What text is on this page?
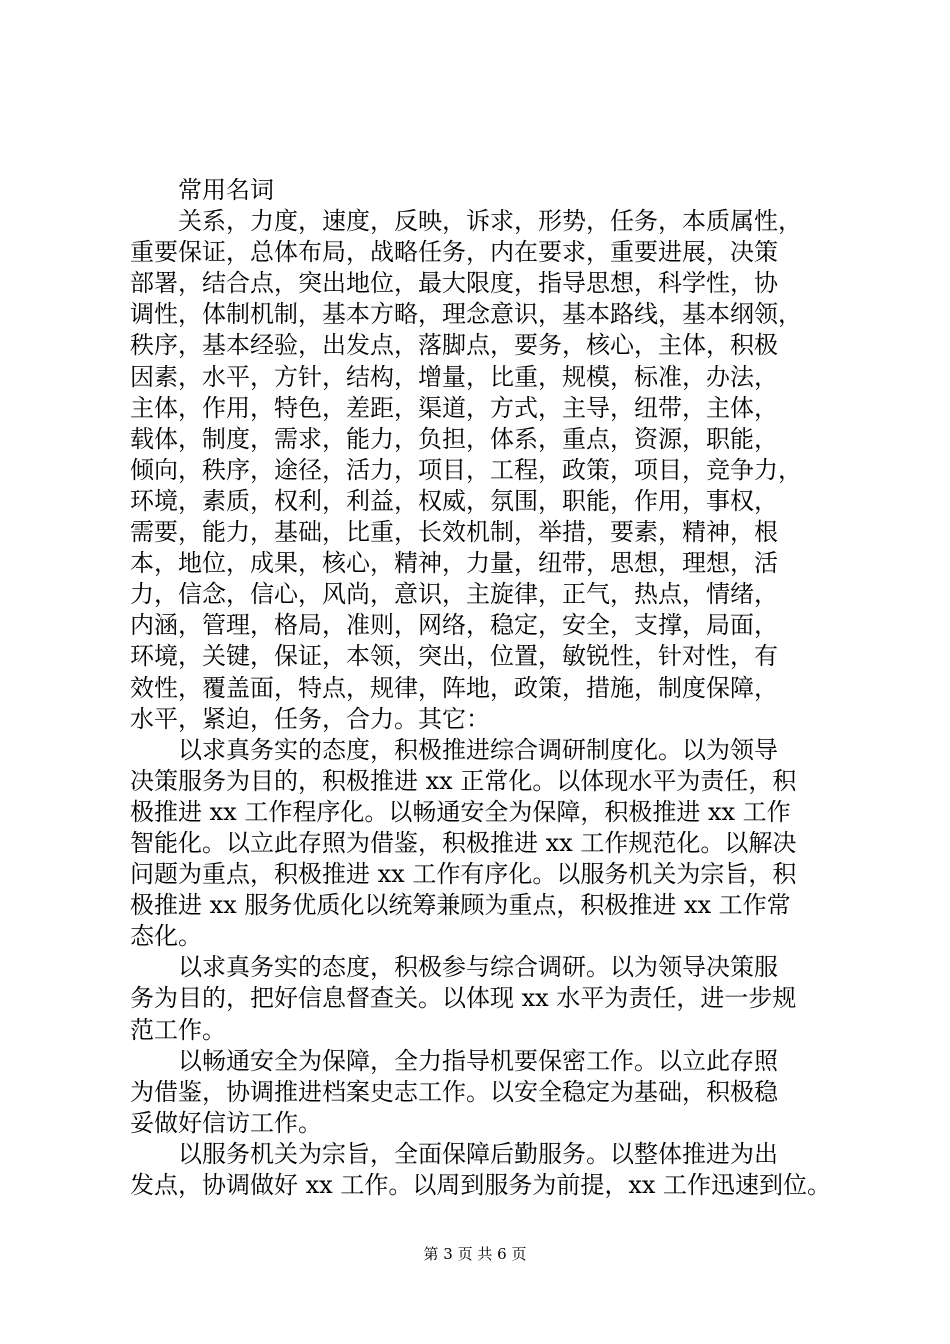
常用名词
关系，力度，速度，反映，诉求，形势，任务，本质属性，
重要保证，总体布局，战略任务，内在要求，重要进展，决策
部署，结合点，突出地位，最大限度，指导思想，科学性，协
调性，体制机制，基本方略，理念意识，基本路线，基本纲领，
秩序，基本经验，出发点，落脚点，要务，核心，主体，积极
因素，水平，方针，结构，增量，比重，规模，标准，办法，
主体，作用，特色，差距，渠道，方式，主导，纽带，主体，
载体，制度，需求，能力，负担，体系，重点，资源，职能，
倾向，秩序，途径，活力，项目，工程，政策，项目，竞争力，
环境，素质，权利，利益，权威，氛围，职能，作用，事权，
需要，能力，基础，比重，长效机制，举措，要素，精神，根
本，地位，成果，核心，精神，力量，纽带，思想，理想，活
力，信念，信心，风尚，意识，主旋律，正气，热点，情绪，
内涵，管理，格局，准则，网络，稳定，安全，支撑，局面，
环境，关键，保证，本领，突出，位置，敏锐性，针对性，有
效性，覆盖面，特点，规律，阵地，政策，措施，制度保障，
水平，紧迫，任务，合力。其它：
以求真务实的态度，积极推进综合调研制度化。以为领导
决策服务为目的，积极推进 xx 正常化。以体现水平为责任，积
极推进 xx 工作程序化。以畅通安全为保障，积极推进 xx 工作
智能化。以立此存照为借鉴，积极推进 xx 工作规范化。以解决
问题为重点，积极推进 xx 工作有序化。以服务机关为宗旨，积
极推进 xx 服务优质化以统筹兼顾为重点，积极推进 xx 工作常
态化。
以求真务实的态度，积极参与综合调研。以为领导决策服
务为目的，把好信息督查关。以体现 xx 水平为责任，进一步规
范工作。
以畅通安全为保障，全力指导机要保密工作。以立此存照
为借鉴，协调推进档案史志工作。以安全稳定为基础，积极稳
妥做好信访工作。
以服务机关为宗旨，全面保障后勤服务。以整体推进为出
发点，协调做好 xx 工作。以周到服务为前提，xx 工作迅速到位。
第 3 页 共 6 页
